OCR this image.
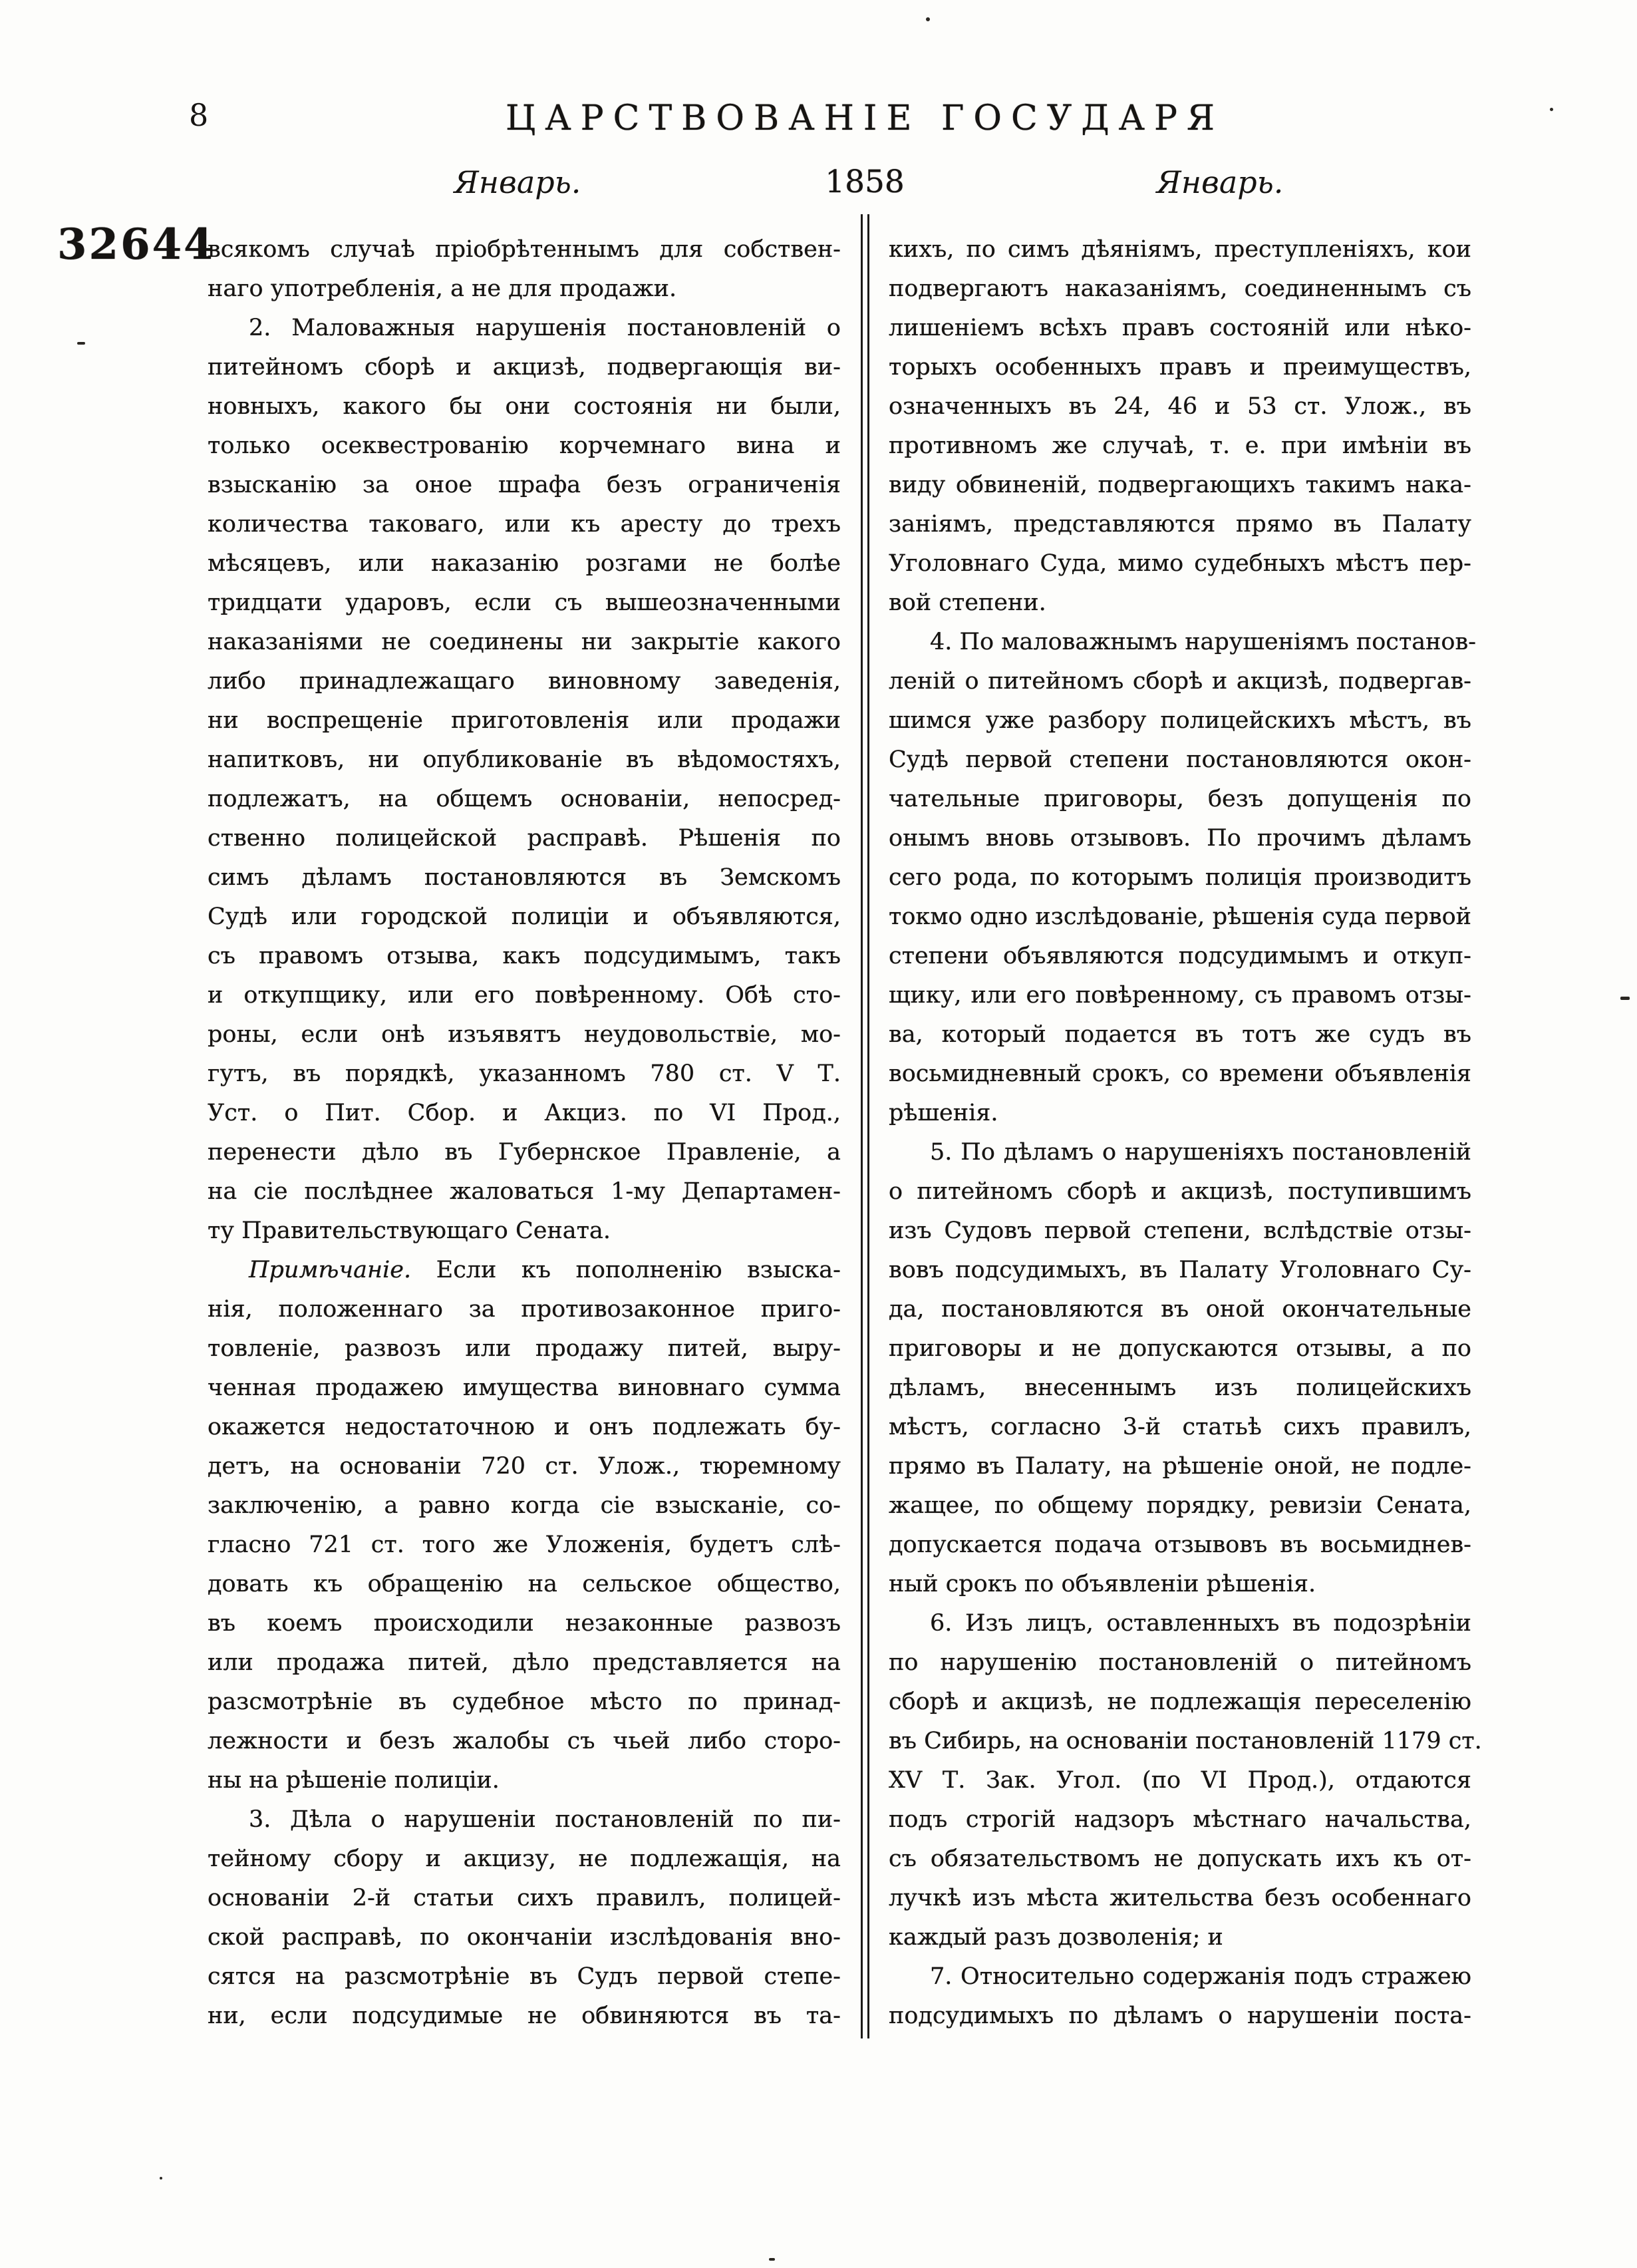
8	ЦАРСТВОВАНІЕ ГОСУДАРЯ
Январь.	1858	Январь.
32644
всякомъ случаѣ пріобрѣтеннымъ для собствен-
наго употребленія, а не для продажи.
2. Маловажныя нарушенія постановленій о
питейномъ сборѣ и акцизѣ, подвергающія ви-
новныхъ, какого бы они состоянія ни были,
только осеквестрованію корчемнаго вина и
взысканію за оное шрафа безъ ограниченія
количества таковаго, или къ аресту до трехъ
мѣсяцевъ, или наказанію розгами не болѣе
тридцати ударовъ, если съ вышеозначенными
наказаніями не соединены ни закрытіе какого
либо принадлежащаго виновному заведенія,
ни воспрещеніе приготовленія или продажи
напитковъ, ни опубликованіе въ вѣдомостяхъ,
подлежатъ, на общемъ основаніи, непосред-
ственно полицейской расправѣ. Рѣшенія по
симъ дѣламъ постановляются въ Земскомъ
Судѣ или городской полиціи и объявляются,
съ правомъ отзыва, какъ подсудимымъ, такъ
и откупщику, или его повѣренному. Обѣ сто-
роны, если онѣ изъявятъ неудовольствіе, мо-
гутъ, въ порядкѣ, указанномъ 780 ст. V Т.
Уст. о Пит. Сбор. и Акциз. по VI Прод.,
перенести дѣло въ Губернское Правленіе, а
на сіе послѣднее жаловаться 1-му Департамен-
ту Правительствующаго Сената.
Примѣчаніе. Если къ пополненію взыска-
нія, положеннаго за противозаконное приго-
товленіе, развозъ или продажу питей, выру-
ченная продажею имущества виновнаго сумма
окажется недостаточною и онъ подлежать бу-
детъ, на основаніи 720 ст. Улож., тюремному
заключенію, а равно когда сіе взысканіе, со-
гласно 721 ст. того же Уложенія, будетъ слѣ-
довать къ обращенію на сельское общество,
въ коемъ происходили незаконные развозъ
или продажа питей, дѣло представляется на
разсмотрѣніе въ судебное мѣсто по принад-
лежности и безъ жалобы съ чьей либо сторо-
ны на рѣшеніе полиціи.
3. Дѣла о нарушеніи постановленій по пи-
тейному сбору и акцизу, не подлежащія, на
основаніи 2-й статьи сихъ правилъ, полицей-
ской расправѣ, по окончаніи изслѣдованія вно-
сятся на разсмотрѣніе въ Судъ первой степе-
ни, если подсудимые не обвиняются въ та-
кихъ, по симъ дѣяніямъ, преступленіяхъ, кои
подвергаютъ наказаніямъ, соединеннымъ съ
лишеніемъ всѣхъ правъ состояній или нѣко-
торыхъ особенныхъ правъ и преимуществъ,
означенныхъ въ 24, 46 и 53 ст. Улож., въ
противномъ же случаѣ, т. е. при имѣніи въ
виду обвиненій, подвергающихъ такимъ нака-
заніямъ, представляются прямо въ Палату
Уголовнаго Суда, мимо судебныхъ мѣстъ пер-
вой степени.
4. По маловажнымъ нарушеніямъ постанов-
леній о питейномъ сборѣ и акцизѣ, подвергав-
шимся уже разбору полицейскихъ мѣстъ, въ
Судѣ первой степени постановляются окон-
чательные приговоры, безъ допущенія по
онымъ вновь отзывовъ. По прочимъ дѣламъ
сего рода, по которымъ полиція производитъ
токмо одно изслѣдованіе, рѣшенія суда первой
степени объявляются подсудимымъ и откуп-
щику, или его повѣренному, съ правомъ отзы-
ва, который подается въ тотъ же судъ въ
восьмидневный срокъ, со времени объявленія
рѣшенія.
5. По дѣламъ о нарушеніяхъ постановленій
о питейномъ сборѣ и акцизѣ, поступившимъ
изъ Судовъ первой степени, вслѣдствіе отзы-
вовъ подсудимыхъ, въ Палату Уголовнаго Су-
да, постановляются въ оной окончательные
приговоры и не допускаются отзывы, а по
дѣламъ, внесеннымъ изъ полицейскихъ
мѣстъ, согласно 3-й статьѣ сихъ правилъ,
прямо въ Палату, на рѣшеніе оной, не подле-
жащее, по общему порядку, ревизіи Сената,
допускается подача отзывовъ въ восьмиднев-
ный срокъ по объявленіи рѣшенія.
6. Изъ лицъ, оставленныхъ въ подозрѣніи
по нарушенію постановленій о питейномъ
сборѣ и акцизѣ, не подлежащія переселенію
въ Сибирь, на основаніи постановленій 1179 ст.
XV Т. Зак. Угол. (по VI Прод.), отдаются
подъ строгій надзоръ мѣстнаго начальства,
съ обязательствомъ не допускать ихъ къ от-
лучкѣ изъ мѣста жительства безъ особеннаго
каждый разъ дозволенія; и
7. Относительно содержанія подъ стражею
подсудимыхъ по дѣламъ о нарушеніи поста-
